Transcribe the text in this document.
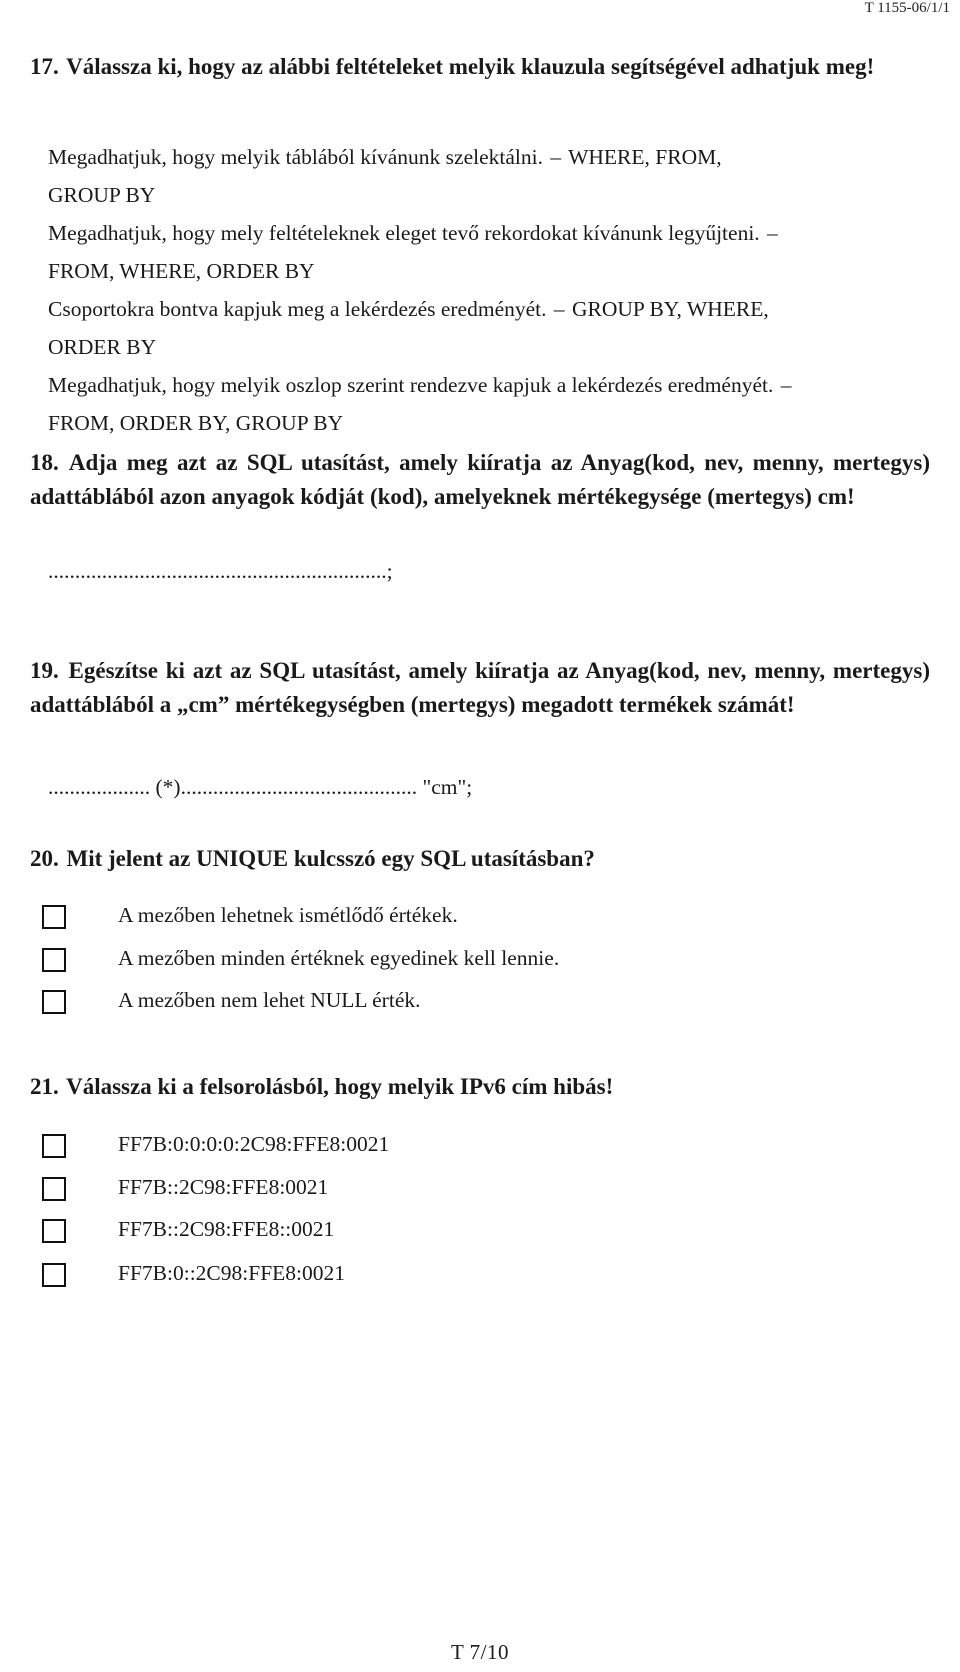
T 1155-06/1/1
17. Válassza ki, hogy az alábbi feltételeket melyik klauzula segítségével adhatjuk meg!
Megadhatjuk, hogy melyik táblából kívánunk szelektálni. – WHERE, FROM,
GROUP BY
Megadhatjuk, hogy mely feltételeknek eleget tevő rekordokat kívánunk legyűjteni. –
FROM, WHERE, ORDER BY
Csoportokra bontva kapjuk meg a lekérdezés eredményét. – GROUP BY, WHERE,
ORDER BY
Megadhatjuk, hogy melyik oszlop szerint rendezve kapjuk a lekérdezés eredményét. –
FROM, ORDER BY, GROUP BY
18. Adja meg azt az SQL utasítást, amely kiíratja az Anyag(kod, nev, menny, mertegys) adattáblából azon anyagok kódját (kod), amelyeknek mértékegysége (mertegys) cm!
...............................................................;
19. Egészítse ki azt az SQL utasítást, amely kiíratja az Anyag(kod, nev, menny, mertegys) adattáblából a „cm” mértékegységben (mertegys) megadott termékek számát!
................... (*)............................................ "cm";
20. Mit jelent az UNIQUE kulcsszó egy SQL utasításban?
A mezőben lehetnek ismétlődő értékek.
A mezőben minden értéknek egyedinek kell lennie.
A mezőben nem lehet NULL érték.
21. Válassza ki a felsorolásból, hogy melyik IPv6 cím hibás!
FF7B:0:0:0:0:2C98:FFE8:0021
FF7B::2C98:FFE8:0021
FF7B::2C98:FFE8::0021
FF7B:0::2C98:FFE8:0021
T 7/10
